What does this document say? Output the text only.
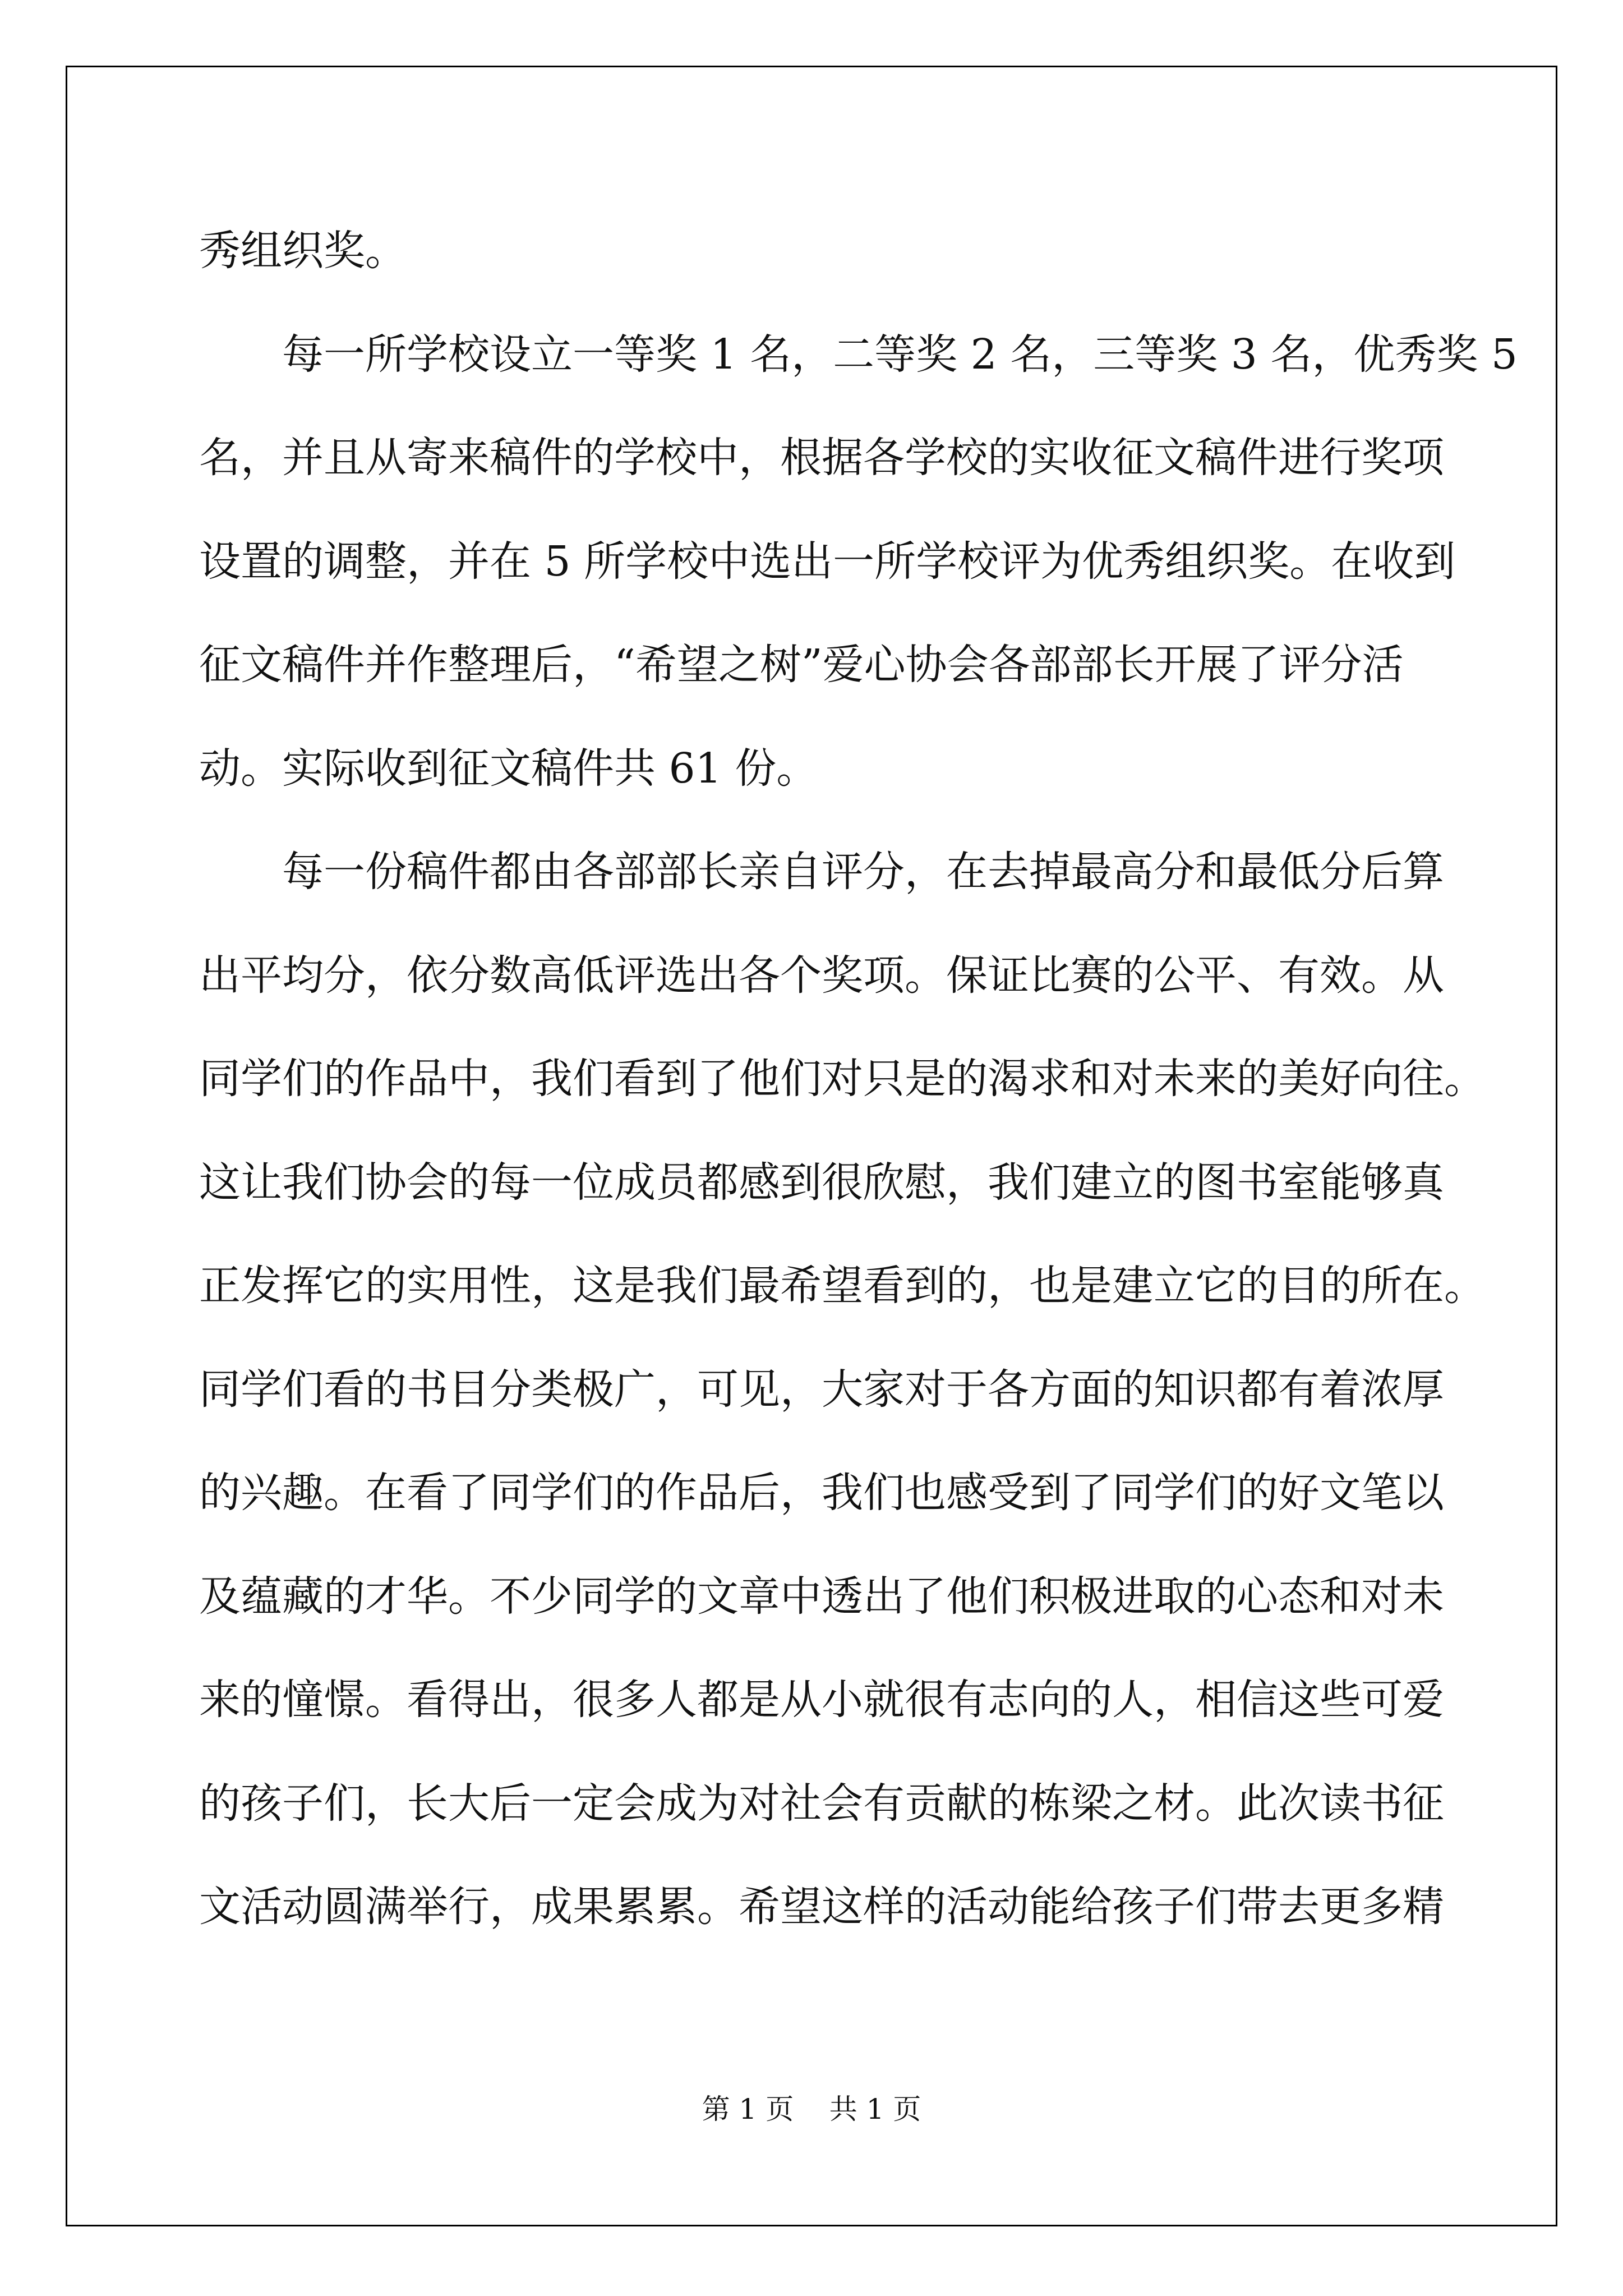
秀组织奖。

每一所学校设立一等奖 1 名，二等奖 2 名，三等奖 3 名，优秀奖 5
名，并且从寄来稿件的学校中，根据各学校的实收征文稿件进行奖项
设置的调整，并在 5 所学校中选出一所学校评为优秀组织奖。在收到
征文稿件并作整理后，“希望之树”爱心协会各部部长开展了评分活
动。实际收到征文稿件共 61 份。

每一份稿件都由各部部长亲自评分，在去掉最高分和最低分后算
出平均分，依分数高低评选出各个奖项。保证比赛的公平、有效。从
同学们的作品中，我们看到了他们对只是的渴求和对未来的美好向往。
这让我们协会的每一位成员都感到很欣慰，我们建立的图书室能够真
正发挥它的实用性，这是我们最希望看到的，也是建立它的目的所在。
同学们看的书目分类极广，可见，大家对于各方面的知识都有着浓厚
的兴趣。在看了同学们的作品后，我们也感受到了同学们的好文笔以
及蕴藏的才华。不少同学的文章中透出了他们积极进取的心态和对未
来的憧憬。看得出，很多人都是从小就很有志向的人，相信这些可爱
的孩子们，长大后一定会成为对社会有贡献的栋梁之材。此次读书征
文活动圆满举行，成果累累。希望这样的活动能给孩子们带去更多精

第 1 页    共 1 页
